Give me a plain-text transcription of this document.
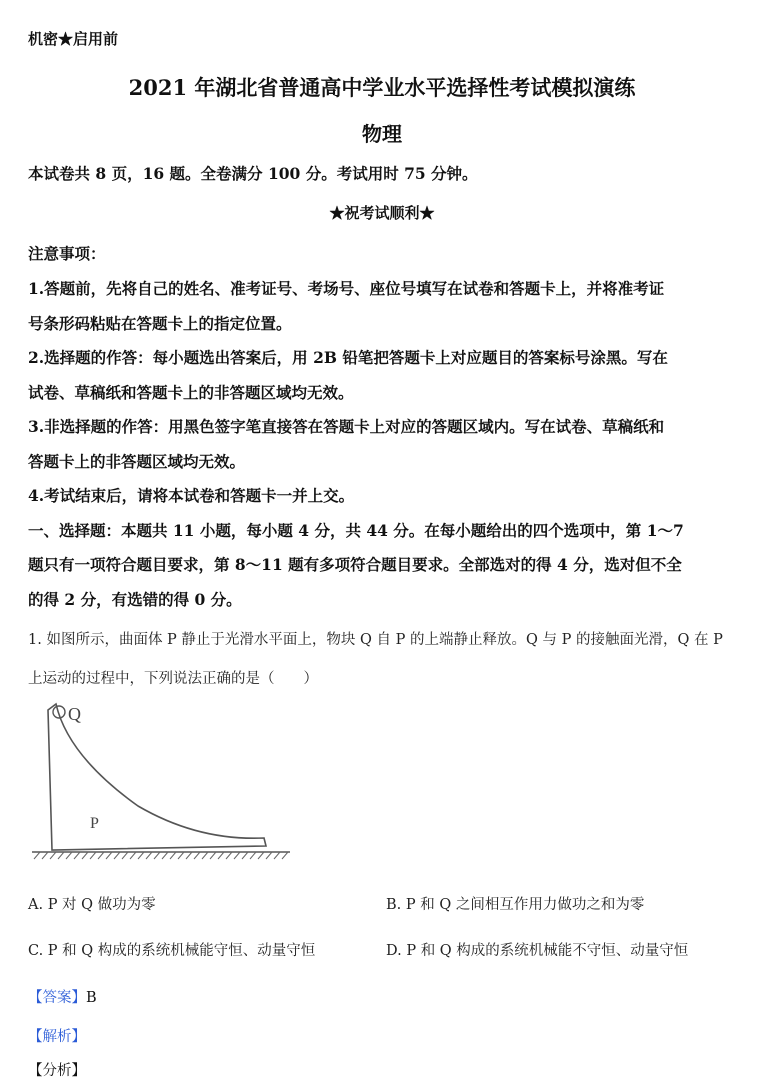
机密★启用前
2021 年湖北省普通高中学业水平选择性考试模拟演练
物理
本试卷共 8 页，16 题。全卷满分 100 分。考试用时 75 分钟。
★祝考试顺利★
注意事项：
1.答题前，先将自己的姓名、准考证号、考场号、座位号填写在试卷和答题卡上，并将准考证
号条形码粘贴在答题卡上的指定位置。
2.选择题的作答：每小题选出答案后，用 2B 铅笔把答题卡上对应题目的答案标号涂黑。写在
试卷、草稿纸和答题卡上的非答题区域均无效。
3.非选择题的作答：用黑色签字笔直接答在答题卡上对应的答题区域内。写在试卷、草稿纸和
答题卡上的非答题区域均无效。
4.考试结束后，请将本试卷和答题卡一并上交。
一、选择题：本题共 11 小题，每小题 4 分，共 44 分。在每小题给出的四个选项中，第 1～7
题只有一项符合题目要求，第 8～11 题有多项符合题目要求。全部选对的得 4 分，选对但不全
的得 2 分，有选错的得 0 分。
1. 如图所示，曲面体 P 静止于光滑水平面上，物块 Q 自 P 的上端静止释放。Q 与 P 的接触面光滑，Q 在 P
上运动的过程中，下列说法正确的是（　　）
Q
P
A. P 对 Q 做功为零	B. P 和 Q 之间相互作用力做功之和为零
C. P 和 Q 构成的系统机械能守恒、动量守恒	D. P 和 Q 构成的系统机械能不守恒、动量守恒
【答案】B
【解析】
【分析】
